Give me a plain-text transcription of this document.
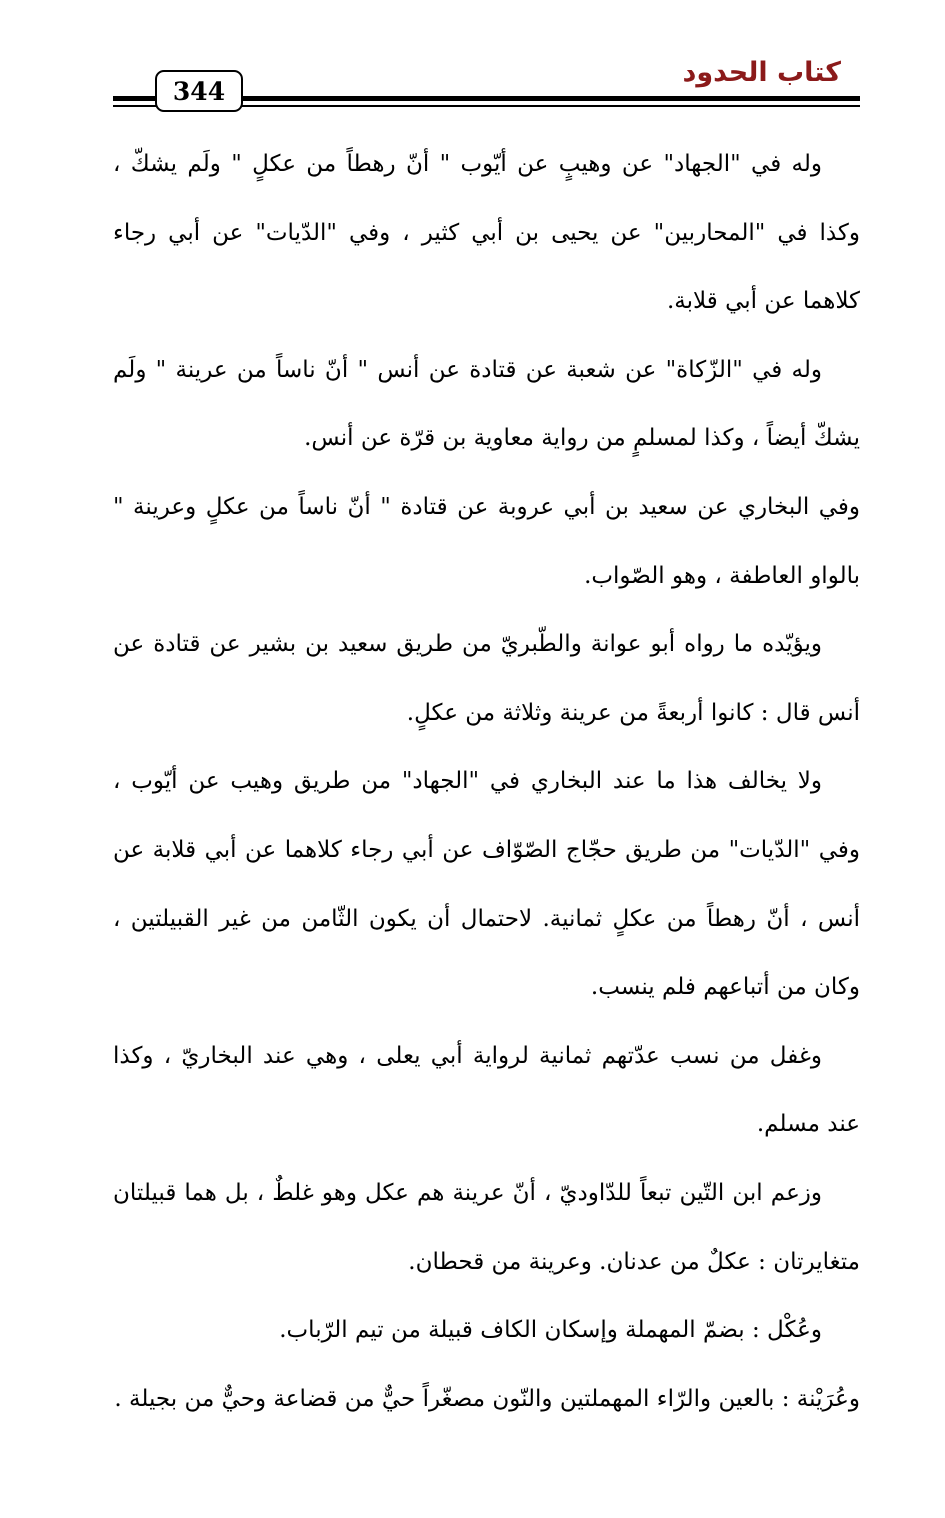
كتاب الحدود
344

وله في "الجهاد" عن وهيبٍ عن أيّوب " أنّ رهطاً من عكلٍ " ولَم يشكّ ، وكذا في "المحاربين" عن يحيى بن أبي كثير ، وفي "الدّيات" عن أبي رجاء كلاهما عن أبي قلابة.

وله في "الزّكاة" عن شعبة عن قتادة عن أنس " أنّ ناساً من عرينة " ولَم يشكّ أيضاً ، وكذا لمسلمٍ من رواية معاوية بن قرّة عن أنس.

وفي البخاري عن سعيد بن أبي عروبة عن قتادة " أنّ ناساً من عكلٍ وعرينة " بالواو العاطفة ، وهو الصّواب.

ويؤيّده ما رواه أبو عوانة والطّبريّ من طريق سعيد بن بشير عن قتادة عن أنس قال : كانوا أربعةً من عرينة وثلاثة من عكلٍ.

ولا يخالف هذا ما عند البخاري في "الجهاد" من طريق وهيب عن أيّوب ، وفي "الدّيات" من طريق حجّاج الصّوّاف عن أبي رجاء كلاهما عن أبي قلابة عن أنس ، أنّ رهطاً من عكلٍ ثمانية. لاحتمال أن يكون الثّامن من غير القبيلتين ، وكان من أتباعهم فلم ينسب.

وغفل من نسب عدّتهم ثمانية لرواية أبي يعلى ، وهي عند البخاريّ ، وكذا عند مسلم.

وزعم ابن التّين تبعاً للدّاوديّ ، أنّ عرينة هم عكل وهو غلطٌ ، بل هما قبيلتان متغايرتان : عكلٌ من عدنان. وعرينة من قحطان.

وعُكْل : بضمّ المهملة وإسكان الكاف قبيلة من تيم الرّباب.

وعُرَيْنة : بالعين والرّاء المهملتين والنّون مصغّراً حيٌّ من قضاعة وحيٌّ من بجيلة .
